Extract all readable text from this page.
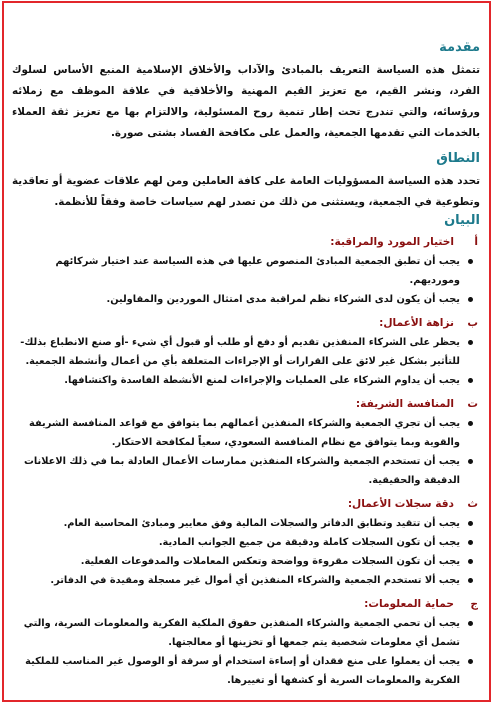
مقدمة

تتمثل هذه السياسة التعريف بالمبادئ والآداب والأخلاق الإسلامية المنبع الأساس لسلوك الفرد، ونشر القيم، مع تعزيز القيم المهنية والأخلاقية في علاقة الموظف مع زملائه ورؤسائه، والتي تندرج تحت إطار تنمية روح المسئولية، والالتزام بها مع تعزيز ثقة العملاء بالخدمات التي تقدمها الجمعية، والعمل على مكافحة الفساد بشتى صورة.

النطاق

تحدد هذه السياسة المسؤوليات العامة على كافة العاملين ومن لهم علاقات عضوية أو تعاقدية وتطوعية في الجمعية، ويستثنى من ذلك من تصدر لهم سياسات خاصة وفقاً للأنظمة.

البيان
أ
اختيار المورد والمراقبة:
يجب أن تطبق الجمعية المبادئ المنصوص عليها في هذه السياسة عند اختيار شركائهم ومورديهم.
يجب أن يكون لدى الشركاء نظم لمراقبة مدى امتثال الموردين والمقاولين.
ب
نزاهة الأعمال:
يحظر على الشركاء المنفذين تقديم أو دفع أو طلب أو قبول أي شيء -أو صنع الانطباع بذلك- للتأثير بشكل غير لائق على القرارات أو الإجراءات المتعلقة بأي من أعمال وأنشطة الجمعية.
يجب أن يداوم الشركاء على العمليات والإجراءات لمنع الأنشطة الفاسدة واكتشافها.
ت
المنافسة الشريفة:
يجب أن تجري الجمعية والشركاء المنفذين أعمالهم بما يتوافق مع قواعد المنافسة الشريفة والقوية وبما يتوافق مع نظام المنافسة السعودي، سعياً لمكافحة الاحتكار.
يجب أن تستخدم الجمعية والشركاء المنفذين ممارسات الأعمال العادلة بما في ذلك الاعلانات الدقيقة والحقيقية.
ث
دقة سجلات الأعمال:
يجب أن تتقيد وتطابق الدفاتر والسجلات المالية وفق معايير ومبادئ المحاسبة العام.
يجب أن تكون السجلات كاملة ودقيقة من جميع الجوانب المادية.
يجب أن تكون السجلات مقروءة وواضحة وتعكس المعاملات والمدفوعات الفعلية.
يجب ألا تستخدم الجمعية والشركاء المنفذين أي أموال غير مسجلة ومقيدة في الدفاتر.
ج
حماية المعلومات:
يجب أن تحمي الجمعية والشركاء المنفذين حقوق الملكية الفكرية والمعلومات السرية، والتي تشمل أي معلومات شخصية يتم جمعها أو تخزينها أو معالجتها.
يجب أن يعملوا على منع فقدان أو إساءة استخدام أو سرقة أو الوصول غير المناسب للملكية الفكرية والمعلومات السرية أو كشفها أو تغييرها.
